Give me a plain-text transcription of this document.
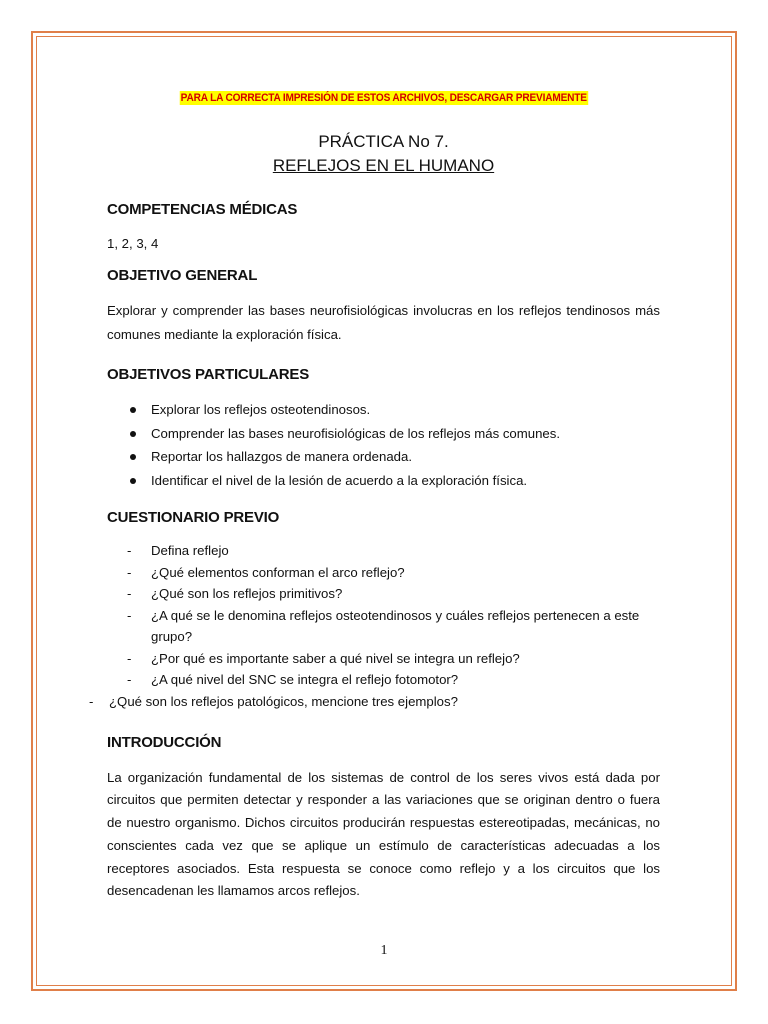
PARA LA CORRECTA IMPRESIÓN DE ESTOS ARCHIVOS, DESCARGAR PREVIAMENTE
PRÁCTICA No 7.
REFLEJOS EN EL HUMANO
COMPETENCIAS MÉDICAS

1, 2, 3, 4

OBJETIVO GENERAL

Explorar y comprender las bases neurofisiológicas involucras en los reflejos tendinosos más comunes mediante la exploración física.

OBJETIVOS PARTICULARES
Explorar los reflejos osteotendinosos.
Comprender las bases neurofisiológicas de los reflejos más comunes.
Reportar los hallazgos de manera ordenada.
Identificar el nivel de la lesión de acuerdo a la exploración física.
CUESTIONARIO PREVIO
- Defina reflejo
- ¿Qué elementos conforman el arco reflejo?
- ¿Qué son los reflejos primitivos?
- ¿A qué se le denomina reflejos osteotendinosos y cuáles reflejos pertenecen a este grupo?
- ¿Por qué es importante saber a qué nivel se integra un reflejo?
- ¿A qué nivel del SNC se integra el reflejo fotomotor?
- ¿Qué son los reflejos patológicos, mencione tres ejemplos?
INTRODUCCIÓN

La organización fundamental de los sistemas de control de los seres vivos está dada por circuitos que permiten detectar y responder a las variaciones que se originan dentro o fuera de nuestro organismo. Dichos circuitos producirán respuestas estereotipadas, mecánicas, no conscientes cada vez que se aplique un estímulo de características adecuadas a los receptores asociados. Esta respuesta se conoce como reflejo y a los circuitos que los desencadenan les llamamos arcos reflejos.

1
